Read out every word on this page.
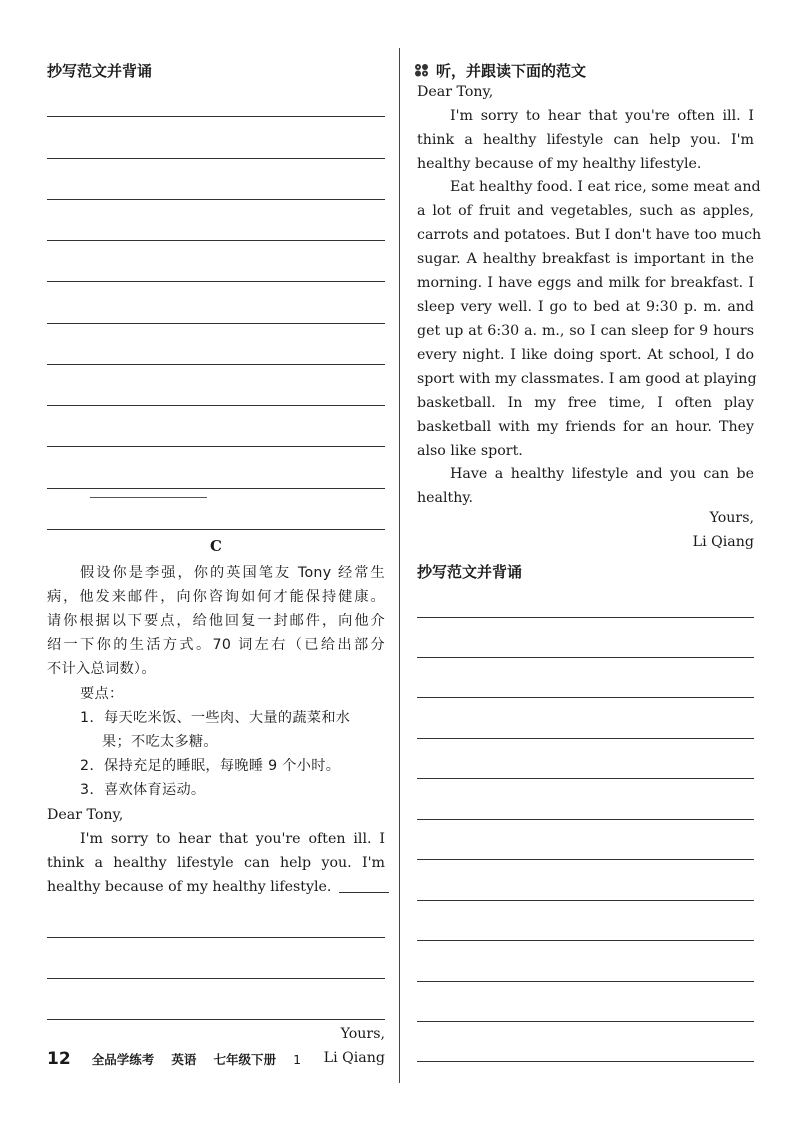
抄写范文并背诵
C
假设你是李强，你的英国笔友 Tony 经常生
病，他发来邮件，向你咨询如何才能保持健康。
请你根据以下要点，给他回复一封邮件，向他介
绍一下你的生活方式。70 词左右（已给出部分
不计入总词数）。
要点：
1. 每天吃米饭、一些肉、大量的蔬菜和水
果；不吃太多糖。
2. 保持充足的睡眠，每晚睡 9 个小时。
3. 喜欢体育运动。
Dear Tony,
I'm sorry to hear that you're often ill. I
think a healthy lifestyle can help you. I'm
healthy because of my healthy lifestyle.
Yours,
Li Qiang
听，并跟读下面的范文
Dear Tony,
I'm sorry to hear that you're often ill. I
think a healthy lifestyle can help you. I'm
healthy because of my healthy lifestyle.
Eat healthy food. I eat rice, some meat and
a lot of fruit and vegetables, such as apples,
carrots and potatoes. But I don't have too much
sugar. A healthy breakfast is important in the
morning. I have eggs and milk for breakfast. I
sleep very well. I go to bed at 9:30 p. m. and
get up at 6:30 a. m., so I can sleep for 9 hours
every night. I like doing sport. At school, I do
sport with my classmates. I am good at playing
basketball. In my free time, I often play
basketball with my friends for an hour. They
also like sport.
Have a healthy lifestyle and you can be
healthy.
Yours,
Li Qiang
抄写范文并背诵
12 全品学练考 英语 七年级下册 1
